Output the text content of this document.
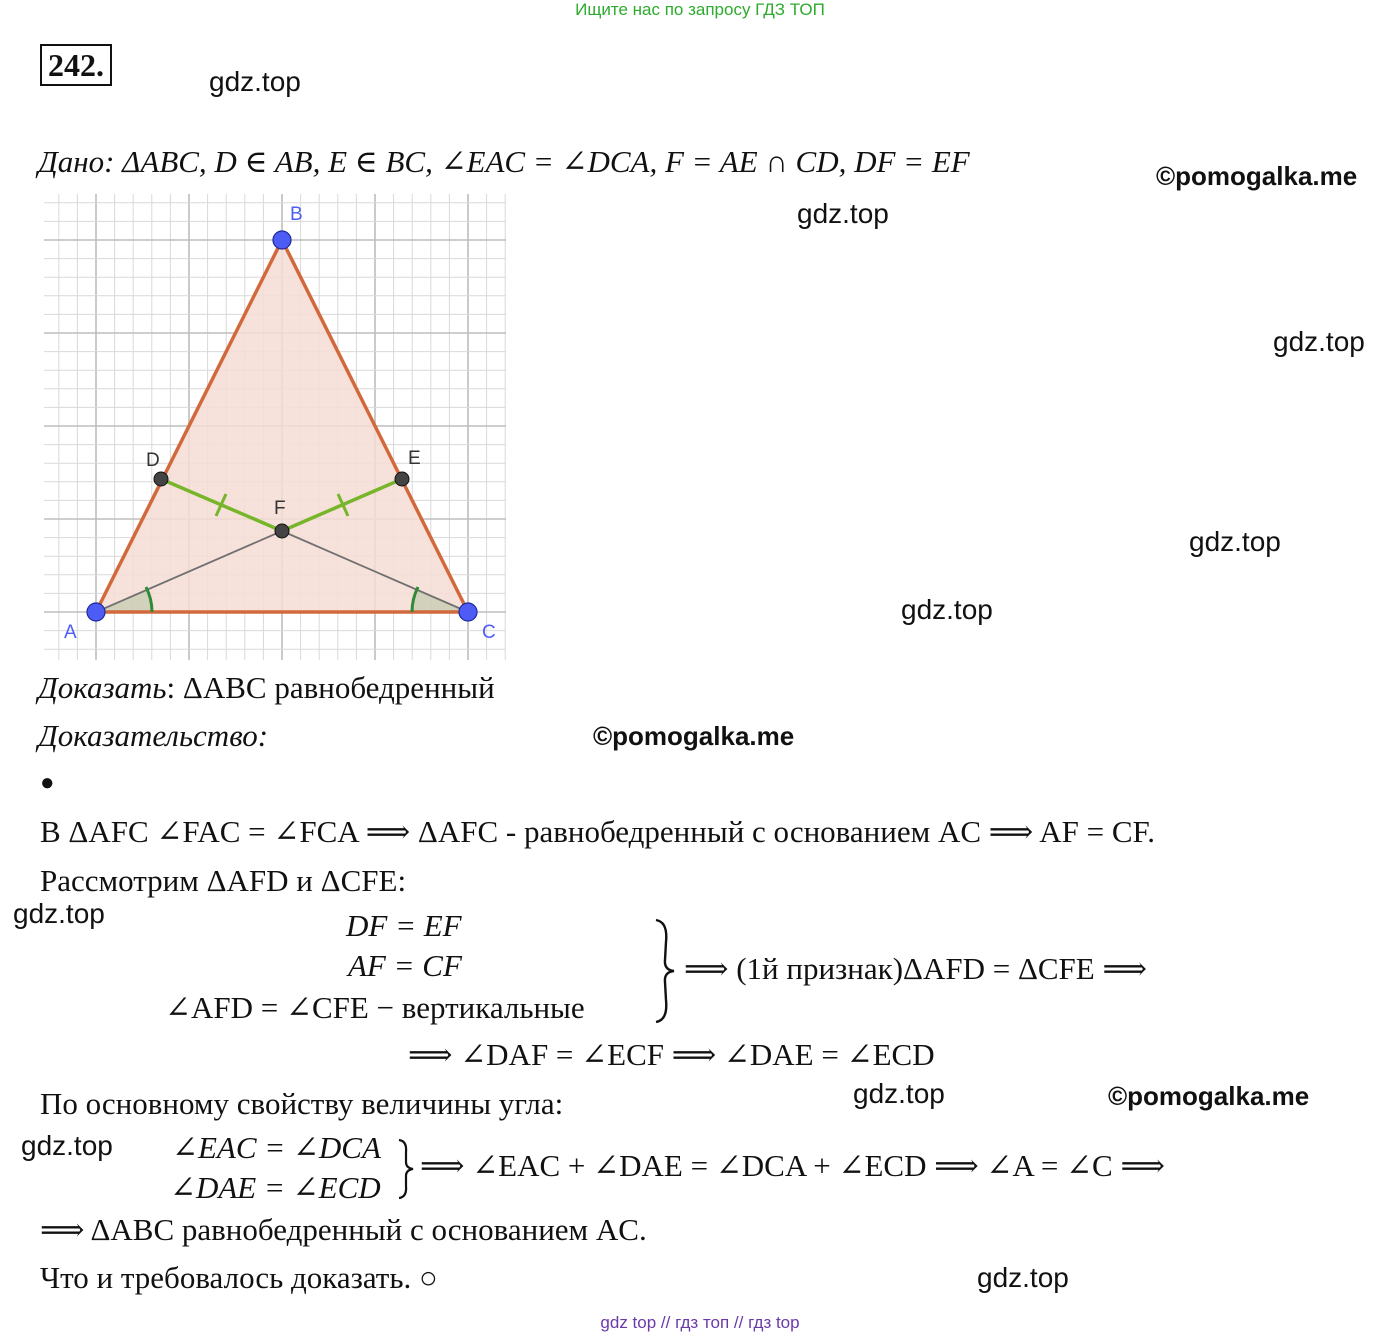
Ищите нас по запросу ГДЗ ТОП
242.	gdz.top
gdz.top
gdz.top
gdz.top
gdz.top
gdz.top
gdz.top
gdz.top
gdz.top
©pomogalka.me
©pomogalka.me
©pomogalka.me
Дано: ΔABC, D ∈ AB, E ∈ BC, ∠EAC = ∠DCA, F = AE ∩ CD, DF = EF
A
B
C
D	E
F
Доказать: ΔABC равнобедренный
Доказательство:
●
В ΔAFC ∠FAC = ∠FCA ⟹ ΔAFC - равнобедренный с основанием AC ⟹ AF = CF.
Рассмотрим ΔAFD и ΔCFE:
DF = EF
AF = CF
∠AFD = ∠CFE − вертикальные
⟹ (1й признак)ΔAFD = ΔCFE ⟹
⟹ ∠DAF = ∠ECF ⟹ ∠DAE = ∠ECD
По основному свойству величины угла:
∠EAC = ∠DCA
∠DAE = ∠ECD
⟹ ∠EAC + ∠DAE = ∠DCA + ∠ECD ⟹ ∠A = ∠C ⟹
⟹ ΔABC равнобедренный с основанием AC.
Что и требовалось доказать. ○
gdz top // гдз топ // гдз top
